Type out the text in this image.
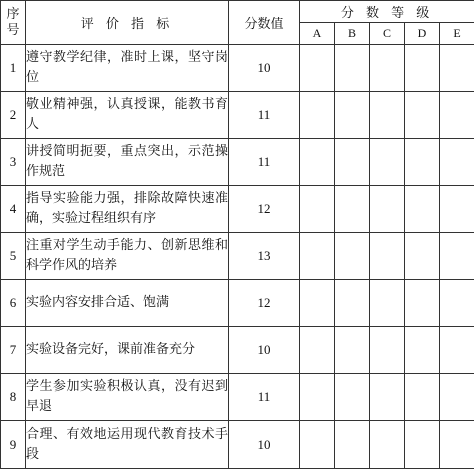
序号	评 价 指 标	分数值	分 数 等 级				
			A	B	C	D	E
1	遵守教学纪律，准时上课，坚守岗位	10					
2	敬业精神强，认真授课，能教书育人	11					
3	讲授简明扼要，重点突出，示范操作规范	11					
4	指导实验能力强，排除故障快速准确，实验过程组织有序	12					
5	注重对学生动手能力、创新思维和科学作风的培养	13					
6	实验内容安排合适、饱满	12					
7	实验设备完好，课前准备充分	10					
8	学生参加实验积极认真，没有迟到早退	11					
9	合理、有效地运用现代教育技术手段	10					
